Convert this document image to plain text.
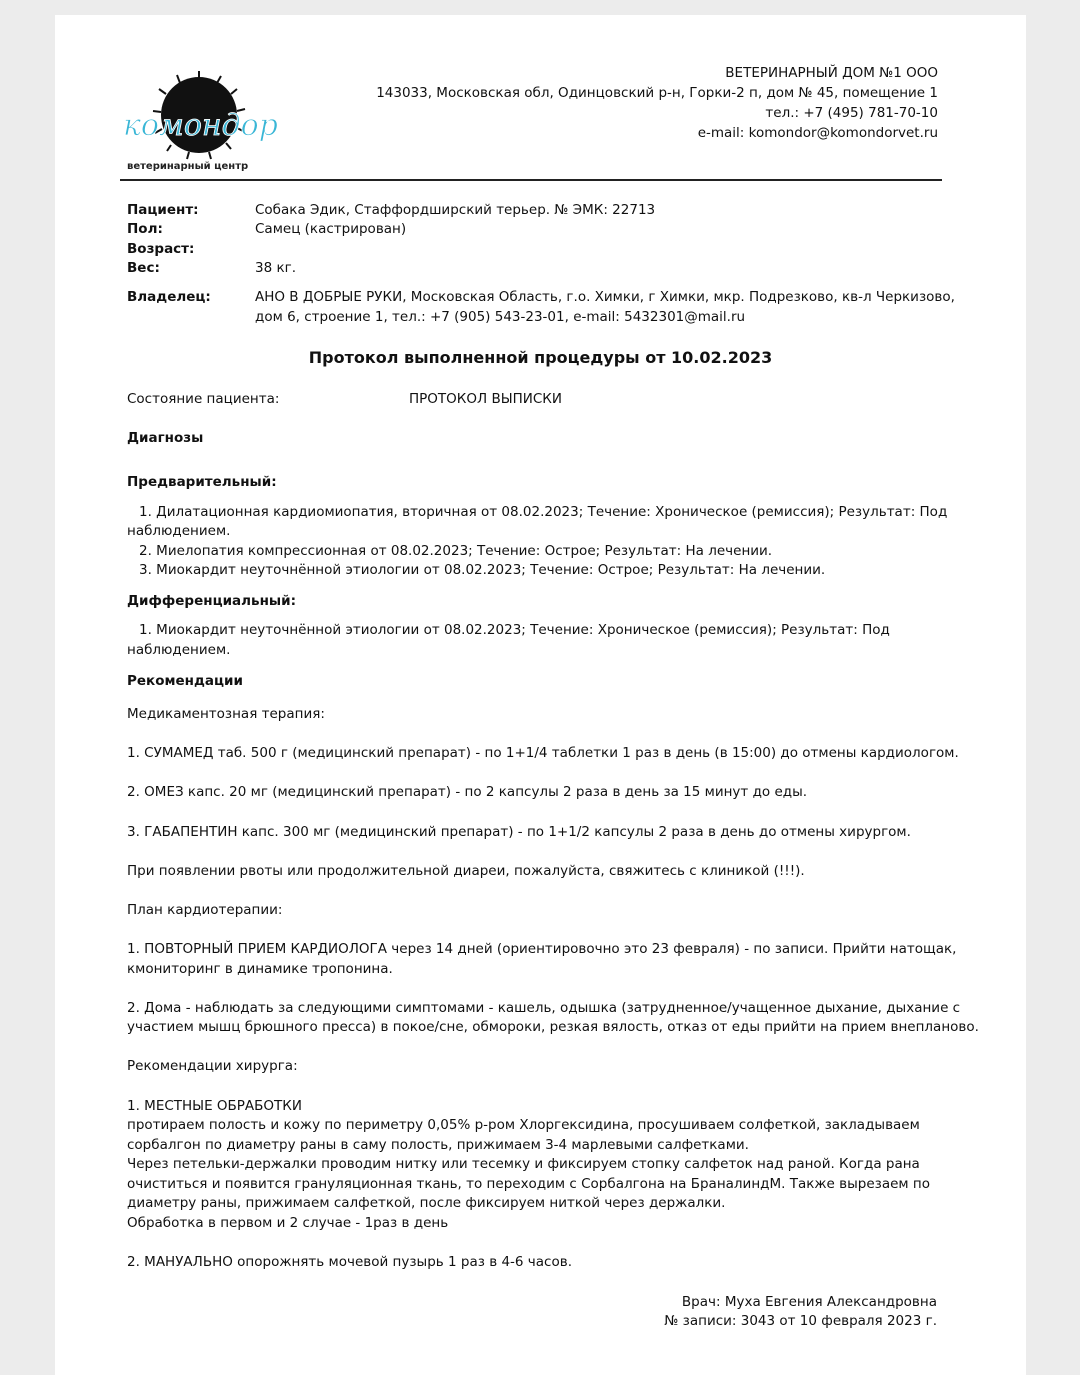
комондор
ветеринарный центр
ВЕТЕРИНАРНЫЙ ДОМ №1 ООО
143033, Московская обл, Одинцовский р-н, Горки-2 п, дом № 45, помещение 1
тел.: +7 (495) 781-70-10
e-mail: komondor@komondorvet.ru
Пациент:	Собака Эдик, Стаффордширский терьер. № ЭМК: 22713
Пол:	Самец (кастрирован)
Возраст:
Вес:	38 кг.
Владелец:	АНО В ДОБРЫЕ РУКИ, Московская Область, г.о. Химки, г Химки, мкр. Подрезково, кв-л Черкизово,
дом 6, строение 1, тел.: +7 (905) 543-23-01, e-mail: 5432301@mail.ru
Протокол выполненной процедуры от 10.02.2023
Состояние пациента:	ПРОТОКОЛ ВЫПИСКИ
Диагнозы
Предварительный:
1. Дилатационная кардиомиопатия, вторичная от 08.02.2023; Течение: Хроническое (ремиссия); Результат: Под
наблюдением.
2. Миелопатия компрессионная от 08.02.2023; Течение: Острое; Результат: На лечении.
3. Миокардит неуточнённой этиологии от 08.02.2023; Течение: Острое; Результат: На лечении.
Дифференциальный:
1. Миокардит неуточнённой этиологии от 08.02.2023; Течение: Хроническое (ремиссия); Результат: Под
наблюдением.
Рекомендации
Медикаментозная терапия:
1. СУМАМЕД таб. 500 г (медицинский препарат) - по 1+1/4 таблетки 1 раз в день (в 15:00) до отмены кардиологом.
2. ОМЕЗ капс. 20 мг (медицинский препарат) - по 2 капсулы 2 раза в день за 15 минут до еды.
3. ГАБАПЕНТИН капс. 300 мг (медицинский препарат) - по 1+1/2 капсулы 2 раза в день до отмены хирургом.
При появлении рвоты или продолжительной диареи, пожалуйста, свяжитесь с клиникой (!!!).
План кардиотерапии:
1. ПОВТОРНЫЙ ПРИЕМ КАРДИОЛОГА через 14 дней (ориентировочно это 23 февраля) - по записи. Прийти натощак,
кмониторинг в динамике тропонина.
2. Дома - наблюдать за следующими симптомами - кашель, одышка (затрудненное/учащенное дыхание, дыхание с
участием мышц брюшного пресса) в покое/сне, обмороки, резкая вялость, отказ от еды прийти на прием внепланово.
Рекомендации хирурга:
1. МЕСТНЫЕ ОБРАБОТКИ
протираем полость и кожу по периметру 0,05% р-ром Хлоргексидина, просушиваем солфеткой, закладываем
сорбалгон по диаметру раны в саму полость, прижимаем 3-4 марлевыми салфетками.
Через петельки-держалки проводим нитку или тесемку и фиксируем стопку салфеток над раной. Когда рана
очиститься и появится грануляционная ткань, то переходим с Сорбалгона на БраналиндМ. Также вырезаем по
диаметру раны, прижимаем салфеткой, после фиксируем ниткой через держалки.
Обработка в первом и 2 случае - 1раз в день
2. МАНУАЛЬНО опорожнять мочевой пузырь 1 раз в 4-6 часов.
Врач: Муха Евгения Александровна
№ записи: 3043 от 10 февраля 2023 г.
